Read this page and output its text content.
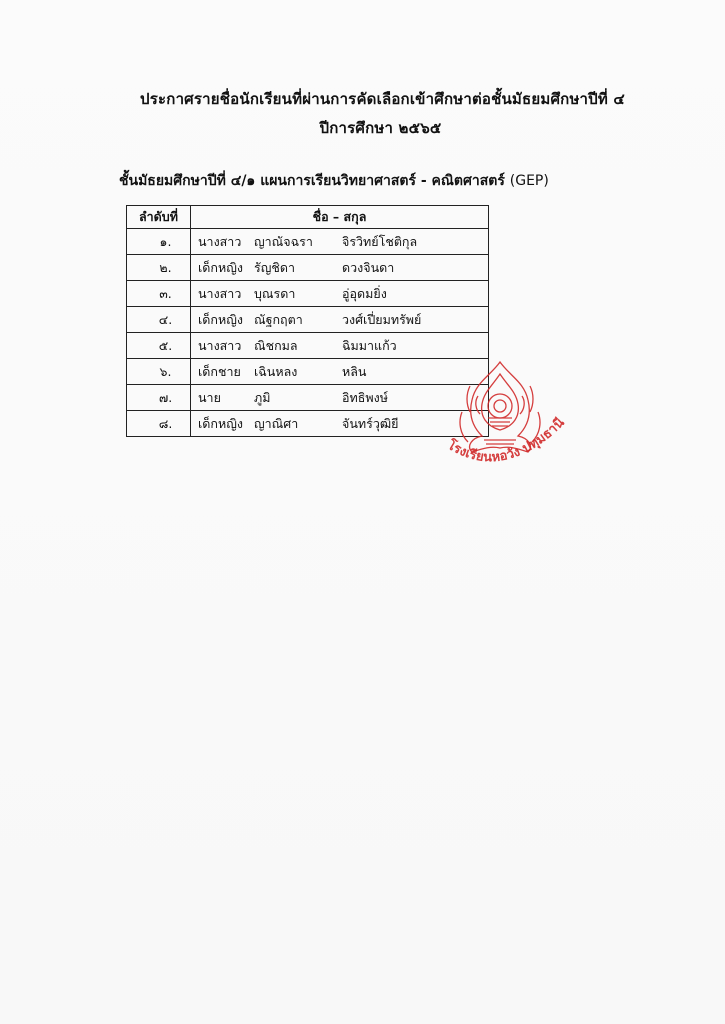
ประกาศรายชื่อนักเรียนที่ผ่านการคัดเลือกเข้าศึกษาต่อชั้นมัธยมศึกษาปีที่ ๔
ปีการศึกษา ๒๕๖๕
ชั้นมัธยมศึกษาปีที่ ๔/๑ แผนการเรียนวิทยาศาสตร์ - คณิตศาสตร์ (GEP)
ลำดับที่	ชื่อ – สกุล
๑.	นางสาว ญาณัจฉรา จิรวิทย์โชติกุล

๒.	เด็กหญิง รัญชิดา ดวงจินดา

๓.	นางสาว บุณรดา อู่อุดมยิ่ง

๔.	เด็กหญิง ณัฐกฤตา วงศ์เปี่ยมทรัพย์

๕.	นางสาว ณิชกมล ฉิมมาแก้ว

๖.	เด็กชาย เฉินหลง หลิน

๗.	นาย ภูมิ อิทธิพงษ์

๘.	เด็กหญิง ญาณิศา จันทร์วุฒิยี
โรงเรียนหอวัง ปทุมธานี
